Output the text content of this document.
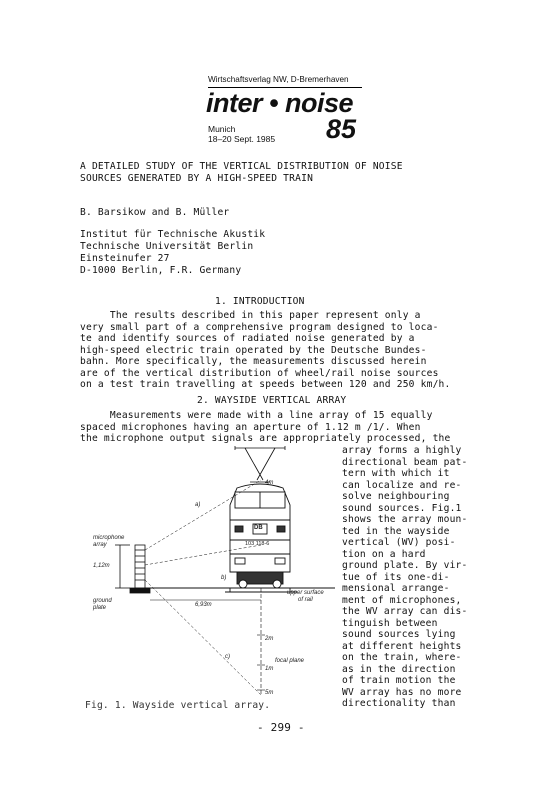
Wirtschaftsverlag NW, D-Bremerhaven
inter • noise
Munich
18–20 Sept. 1985 85
A DETAILED STUDY OF THE VERTICAL DISTRIBUTION OF NOISE
SOURCES GENERATED BY A HIGH-SPEED TRAIN
B. Barsikow and B. Müller
Institut für Technische Akustik
Technische Universität Berlin
Einsteinufer 27
D-1000 Berlin, F.R. Germany
1. INTRODUCTION
The results described in this paper represent only a
very small part of a comprehensive program designed to loca-
te and identify sources of radiated noise generated by a
high-speed electric train operated by the Deutsche Bundes-
bahn. More specifically, the measurements discussed herein
are of the vertical distribution of wheel/rail noise sources
on a test train travelling at speeds between 120 and 250 km/h.
2. WAYSIDE VERTICAL ARRAY
Measurements were made with a line array of 15 equally
spaced microphones having an aperture of 1.12 m /1/. When
the microphone output signals are appropriately processed, the
array forms a highly
directional beam pat-
tern with which it
can localize and re-
solve neighbouring
sound sources. Fig.1
shows the array moun-
ted in the wayside
vertical (WV) posi-
tion on a hard
ground plate. By vir-
tue of its one-di-
mensional arrange-
ment of microphones,
the WV array can dis-
tinguish between
sound sources lying
at different heights
on the train, where-
as in the direction
of train motion the
WV array has no more
directionality than
microphone
array
1,12m
ground
plate	6,93m
upper surface
of rail
focal plane
103 118-6
DB
a)
b)
c)
2m
1m
4m
5m
Fig. 1. Wayside vertical array.
- 299 -
